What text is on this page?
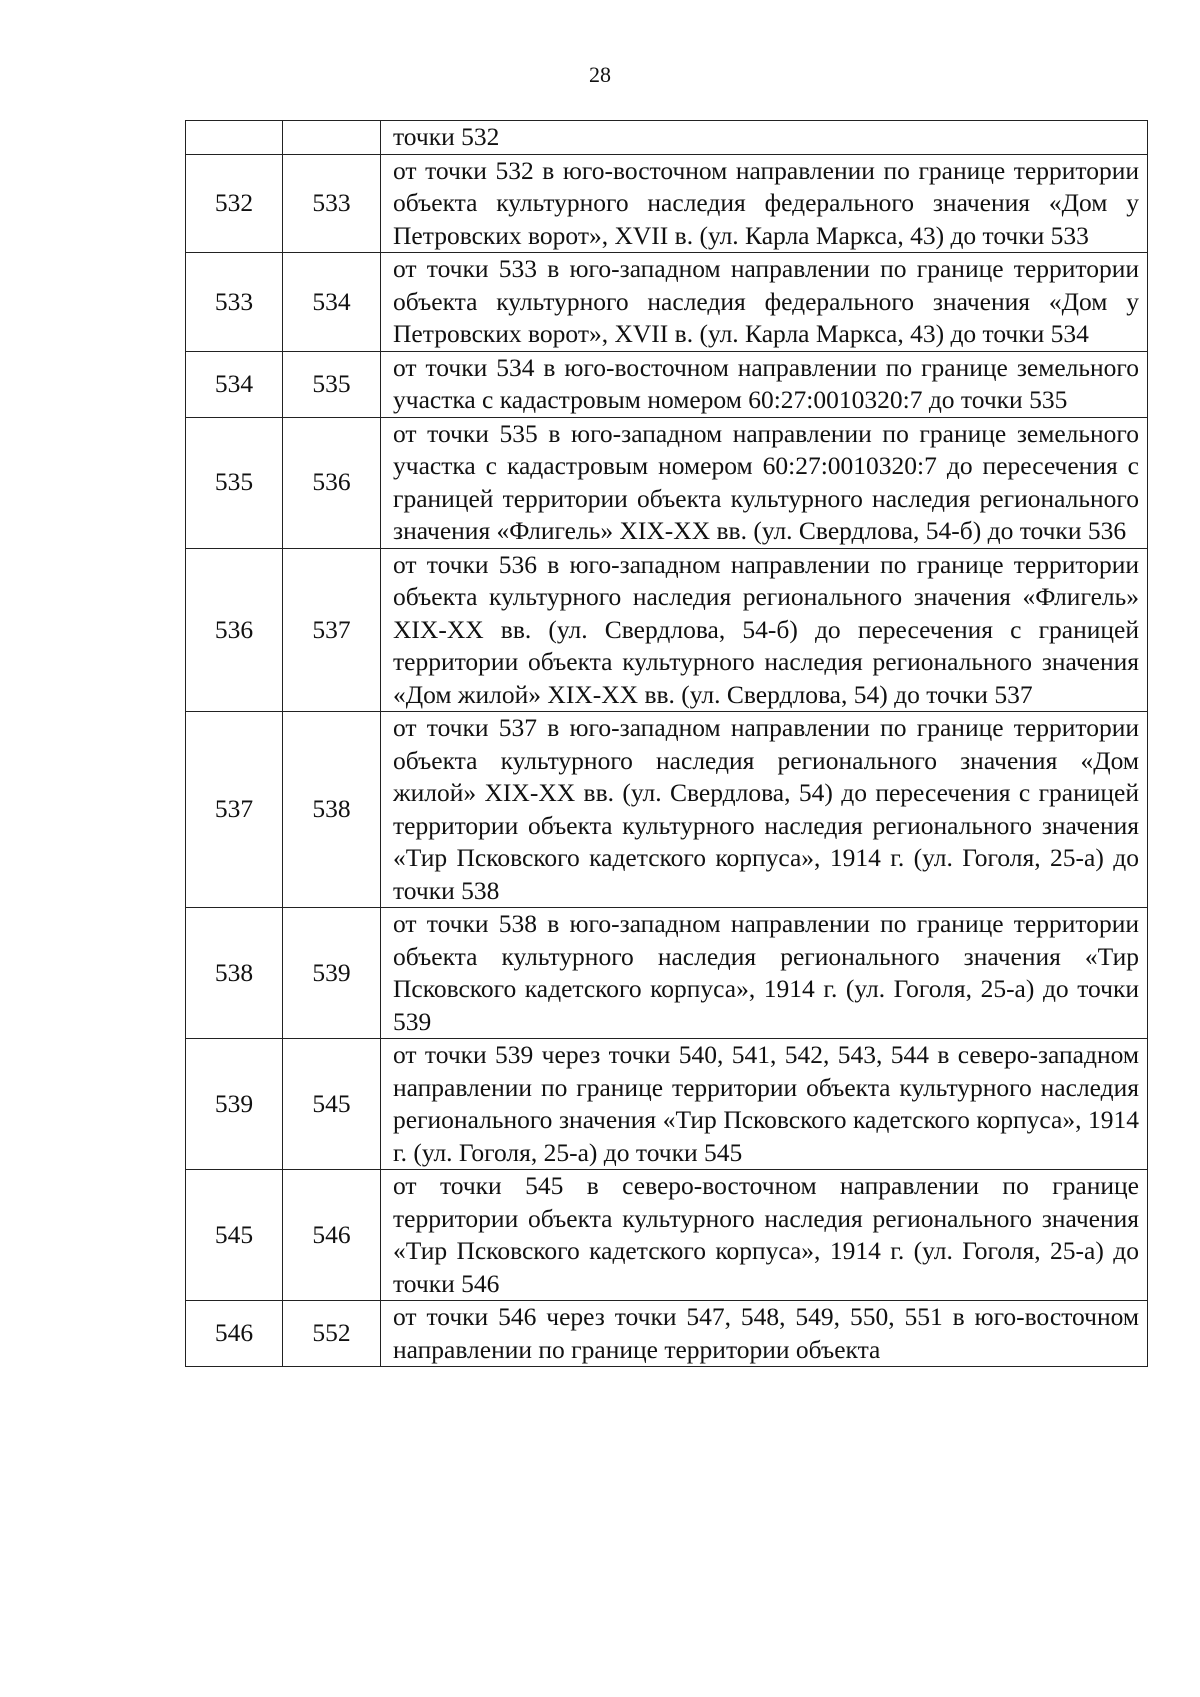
28
		точки 532
532	533	от точки 532 в юго-восточном направлении по границе территории объекта культурного наследия федерального значения «Дом у Петровских ворот», XVII в. (ул. Карла Маркса, 43) до точки 533
533	534	от точки 533 в юго-западном направлении по границе территории объекта культурного наследия федерального значения «Дом у Петровских ворот», XVII в. (ул. Карла Маркса, 43) до точки 534
534	535	от точки 534 в юго-восточном направлении по границе земельного участка с кадастровым номером 60:27:0010320:7 до точки 535
535	536	от точки 535 в юго-западном направлении по границе земельного участка с кадастровым номером 60:27:0010320:7 до пересечения с границей территории объекта культурного наследия регионального значения «Флигель» XIX-XX вв. (ул. Свердлова, 54-б) до точки 536
536	537	от точки 536 в юго-западном направлении по границе территории объекта культурного наследия регионального значения «Флигель» XIX-XX вв. (ул. Свердлова, 54-б) до пересечения с границей территории объекта культурного наследия регионального значения «Дом жилой» XIX-XX вв. (ул. Свердлова, 54) до точки 537
537	538	от точки 537 в юго-западном направлении по границе территории объекта культурного наследия регионального значения «Дом жилой» XIX-XX вв. (ул. Свердлова, 54) до пересечения с границей территории объекта культурного наследия регионального значения «Тир Псковского кадетского корпуса», 1914 г. (ул. Гоголя, 25-а) до точки 538
538	539	от точки 538 в юго-западном направлении по границе территории объекта культурного наследия регионального значения «Тир Псковского кадетского корпуса», 1914 г. (ул. Гоголя, 25-а) до точки 539
539	545	от точки 539 через точки 540, 541, 542, 543, 544 в северо-западном направлении по границе территории объекта культурного наследия регионального значения «Тир Псковского кадетского корпуса», 1914 г. (ул. Гоголя, 25-а) до точки 545
545	546	от точки 545 в северо-восточном направлении по границе территории объекта культурного наследия регионального значения «Тир Псковского кадетского корпуса», 1914 г. (ул. Гоголя, 25-а) до точки 546
546	552	от точки 546 через точки 547, 548, 549, 550, 551 в юго-восточном направлении по границе территории объекта
